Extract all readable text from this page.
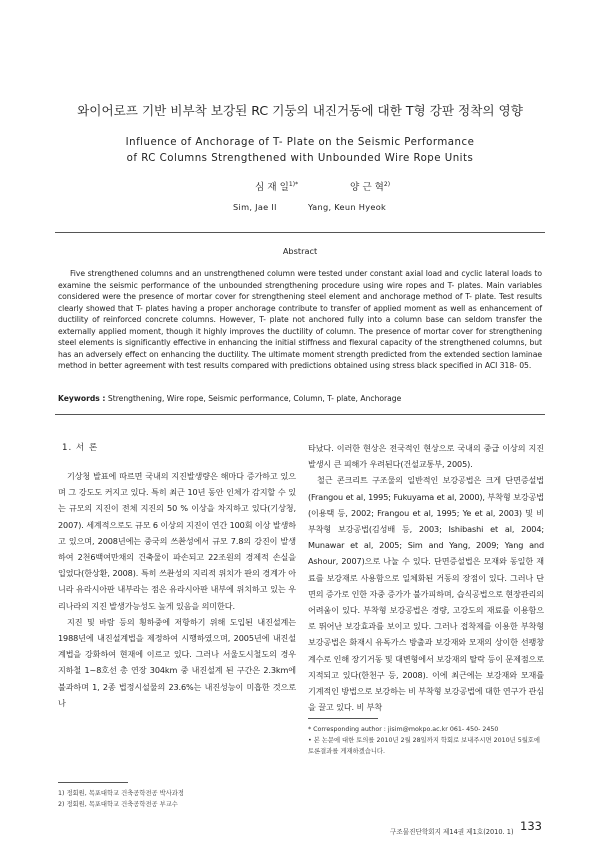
와이어로프 기반 비부착 보강된 RC 기둥의 내진거동에 대한 T형 강판 정착의 영향
Influence of Anchorage of T- Plate on the Seismic Performance
of RC Columns Strengthened with Unbounded Wire Rope Units
심 재 일$^{1)*}$	양 근 혁$^{2)}$
Sim, Jae Il	Yang, Keun Hyeok
Abstract
Five strengthened columns and an unstrengthened column were tested under constant axial load and cyclic lateral loads to examine the seismic performance of the unbounded strengthening procedure using wire ropes and T- plates. Main variables considered were the presence of mortar cover for strengthening steel element and anchorage method of T- plate. Test results clearly showed that T- plates having a proper anchorage contribute to transfer of applied moment as well as enhancement of ductility of reinforced concrete columns. However, T- plate not anchored fully into a column base can seldom transfer the externally applied moment, though it highly improves the ductility of column. The presence of mortar cover for strengthening steel elements is significantly effective in enhancing the initial stiffness and flexural capacity of the strengthened columns, but has an adversely effect on enhancing the ductility. The ultimate moment strength predicted from the extended section laminae method in better agreement with test results compared with predictions obtained using stress black specified in ACI 318- 05.
Keywords : Strengthening, Wire rope, Seismic performance, Column, T- plate, Anchorage
1. 서 론

기상청 발표에 따르면 국내의 지진발생량은 해마다 증가하고 있으며 그 강도도 커지고 있다. 특히 최근 10년 동안 인체가 감지할 수 있는 규모의 지진이 전체 지진의 50 % 이상을 차지하고 있다(기상청, 2007). 세계적으로도 규모 6 이상의 지진이 연간 100회 이상 발생하고 있으며, 2008년에는 중국의 쓰촨성에서 규모 7.8의 강진이 발생하여 2천6백여만채의 건축물이 파손되고 22조원의 경제적 손실을 입었다(한상환, 2008). 특히 쓰촨성의 지리적 위치가 판의 경계가 아니라 유라시아판 내부라는 점은 유라시아판 내부에 위치하고 있는 우리나라의 지진 발생가능성도 높게 있음을 의미한다.

지진 및 바람 등의 횡하중에 저항하기 위해 도입된 내진설계는 1988년에 내진설계법을 제정하여 시행하였으며, 2005년에 내진설계법을 강화하여 현재에 이르고 있다. 그러나 서울도시철도의 경우 지하철 1~8호선 총 연장 304km 중 내진설계 된 구간은 2.3km에 불과하며 1, 2종 법정시설물의 23.6%는 내진성능이 미흡한 것으로 나

타났다. 이러한 현상은 전국적인 현상으로 국내의 중급 이상의 지진발생시 큰 피해가 우려된다(건설교통부, 2005).

철근 콘크리트 구조물의 일반적인 보강공법은 크게 단면증설법(Frangou et al, 1995; Fukuyama et al, 2000), 부착형 보강공법(이용택 등, 2002; Frangou et al, 1995; Ye et al, 2003) 및 비 부착형 보강공법(김성배 등, 2003; Ishibashi et al, 2004; Munawar et al, 2005; Sim and Yang, 2009; Yang and Ashour, 2007)으로 나눌 수 있다. 단면증설법은 모재와 동일한 재료를 보강재로 사용함으로 일체화된 거동의 장점이 있다. 그러나 단면의 증가로 인한 자중 증가가 불가피하며, 습식공법으로 현장관리의 어려움이 있다. 부착형 보강공법은 경량, 고강도의 재료를 이용함으로 뛰어난 보강효과를 보이고 있다. 그러나 접착제를 이용한 부착형 보강공법은 화재시 유독가스 방출과 보강재와 모재의 상이한 선팽창계수로 인해 장기거동 및 대변형에서 보강재의 탈락 등이 문제점으로 지적되고 있다(한천구 등, 2008). 이에 최근에는 보강재와 모재를 기계적인 방법으로 보강하는 비 부착형 보강공법에 대한 연구가 관심을 끌고 있다. 비 부착

1) 정회원, 목포대학교 건축공학전공 박사과정
2) 정회원, 목포대학교 건축공학전공 부교수
* Corresponding author : jisim@mokpo.ac.kr 061- 450- 2450
• 본 논문에 대한 토의를 2010년 2월 28일까지 학회로 보내주시면 2010년 5월호에 토론결과를 게재하겠습니다.
구조물진단학회지 제14권 제1호(2010. 1) 133
